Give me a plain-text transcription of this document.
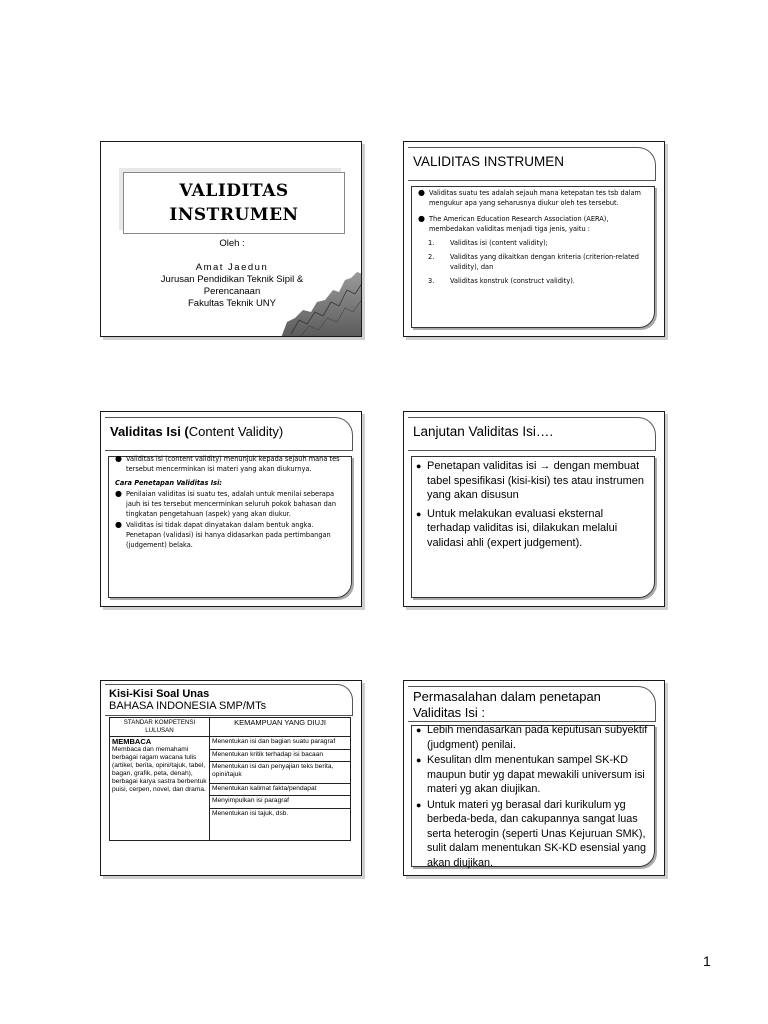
VALIDITAS
INSTRUMEN
Oleh :
Amat Jaedun
Jurusan Pendidikan Teknik Sipil &
Perencanaan
Fakultas Teknik UNY
VALIDITAS INSTRUMEN
● Validitas suatu tes adalah sejauh mana ketepatan tes tsb dalam mengukur apa yang seharusnya diukur oleh tes tersebut.
● The American Education Research Association (AERA), membedakan validitas menjadi tiga jenis, yaitu :
1. Validitas isi (content validity);
2. Validitas yang dikaitkan dengan kriteria (criterion-related validity), dan
3. Validitas konstruk (construct validity).
Validitas Isi (Content Validity)
● Validitas isi (content validity) menunjuk kepada sejauh mana tes tersebut mencerminkan isi materi yang akan diukurnya.
Cara Penetapan Validitas Isi:
● Penilaian validitas isi suatu tes, adalah untuk menilai seberapa jauh isi tes tersebut mencerminkan seluruh pokok bahasan dan tingkatan pengetahuan (aspek) yang akan diukur.
● Validitas isi tidak dapat dinyatakan dalam bentuk angka. Penetapan (validasi) isi hanya didasarkan pada pertimbangan (judgement) belaka.
Lanjutan Validitas Isi….
● Penetapan validitas isi → dengan membuat tabel spesifikasi (kisi-kisi) tes atau instrumen yang akan disusun
● Untuk melakukan evaluasi eksternal terhadap validitas isi, dilakukan melalui validasi ahli (expert judgement).
Kisi-Kisi Soal Unas
BAHASA INDONESIA SMP/MTs
STANDAR KOMPETENSI LULUSAN	KEMAMPUAN YANG DIUJI

MEMBACA
Membaca dan memahami berbagai ragam wacana tulis (artikel, berita, opini/tajuk, tabel, bagan, grafik, peta, denah), berbagai karya sastra berbentuk puisi, cerpen, novel, dan drama.	Menentukan isi dan bagian suatu paragraf
	Menentukan kritik terhadap isi bacaan
	Menentukan isi dan penyajian teks berita, opini/tajuk
	Menentukan kalimat fakta/pendapat
	Menyimpulkan isi paragraf
	Menentukan isi tajuk, dsb.
Permasalahan dalam penetapan
Validitas Isi :
● Lebih mendasarkan pada keputusan subyektif (judgment) penilai.
● Kesulitan dlm menentukan sampel SK-KD maupun butir yg dapat mewakili universum isi materi yg akan diujikan.
● Untuk materi yg berasal dari kurikulum yg berbeda-beda, dan cakupannya sangat luas serta heterogin (seperti Unas Kejuruan SMK), sulit dalam menentukan SK-KD esensial yang akan diujikan.
1
